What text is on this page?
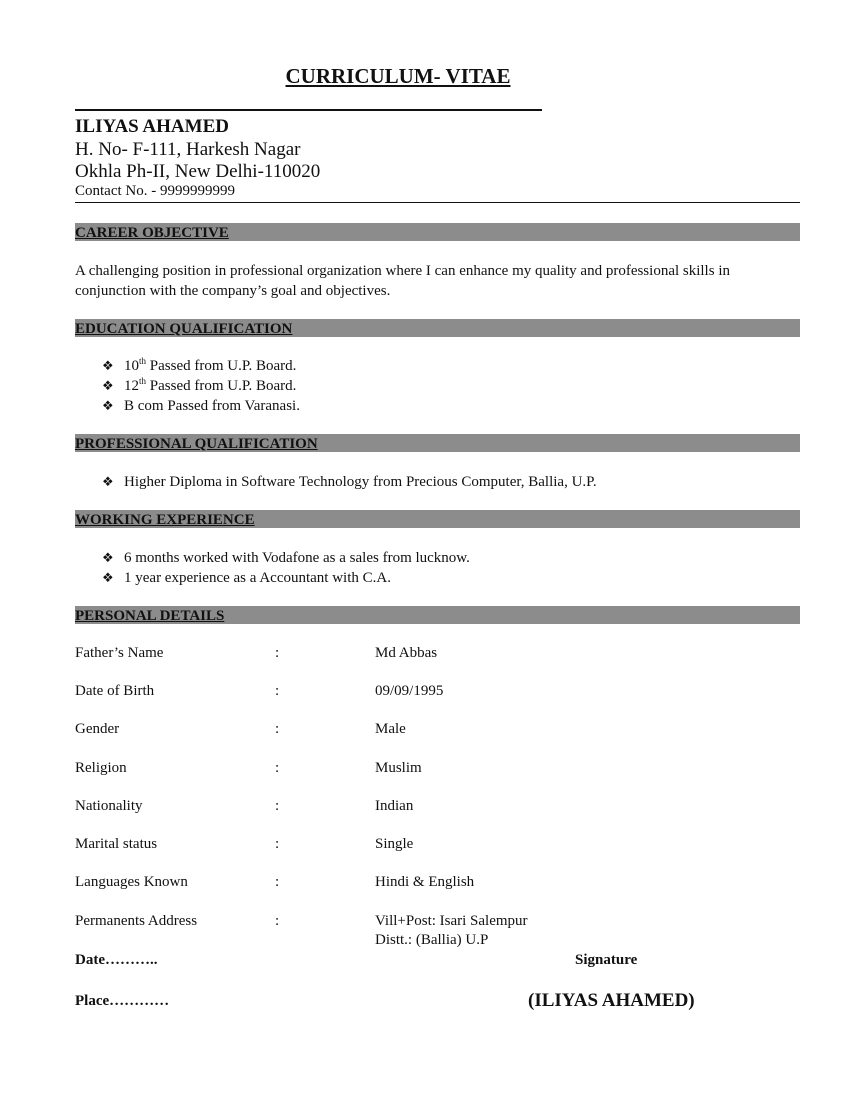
CURRICULUM- VITAE
ILIYAS AHAMED
H. No- F-111, Harkesh Nagar
Okhla Ph-II, New Delhi-110020
Contact No. - 9999999999
CAREER OBJECTIVE
A challenging position in professional organization where I can enhance my quality and professional skills in conjunction with the company’s goal and objectives.
EDUCATION QUALIFICATION
❖ 10th Passed from U.P. Board.
❖ 12th Passed from U.P. Board.
❖ B com Passed from Varanasi.
PROFESSIONAL QUALIFICATION
❖ Higher Diploma in Software Technology from Precious Computer, Ballia, U.P.
WORKING EXPERIENCE
❖ 6 months worked with Vodafone as a sales from lucknow.
❖ 1 year experience as a Accountant with C.A.
PERSONAL DETAILS
Father’s Name	:	Md Abbas
Date of Birth	:	09/09/1995
Gender	:	Male
Religion	:	Muslim
Nationality	:	Indian
Marital status	:	Single
Languages Known	:	Hindi & English
Permanents Address	:	Vill+Post: Isari Salempur
Distt.: (Ballia) U.P
Date………..	Signature
Place…………	(ILIYAS AHAMED)
